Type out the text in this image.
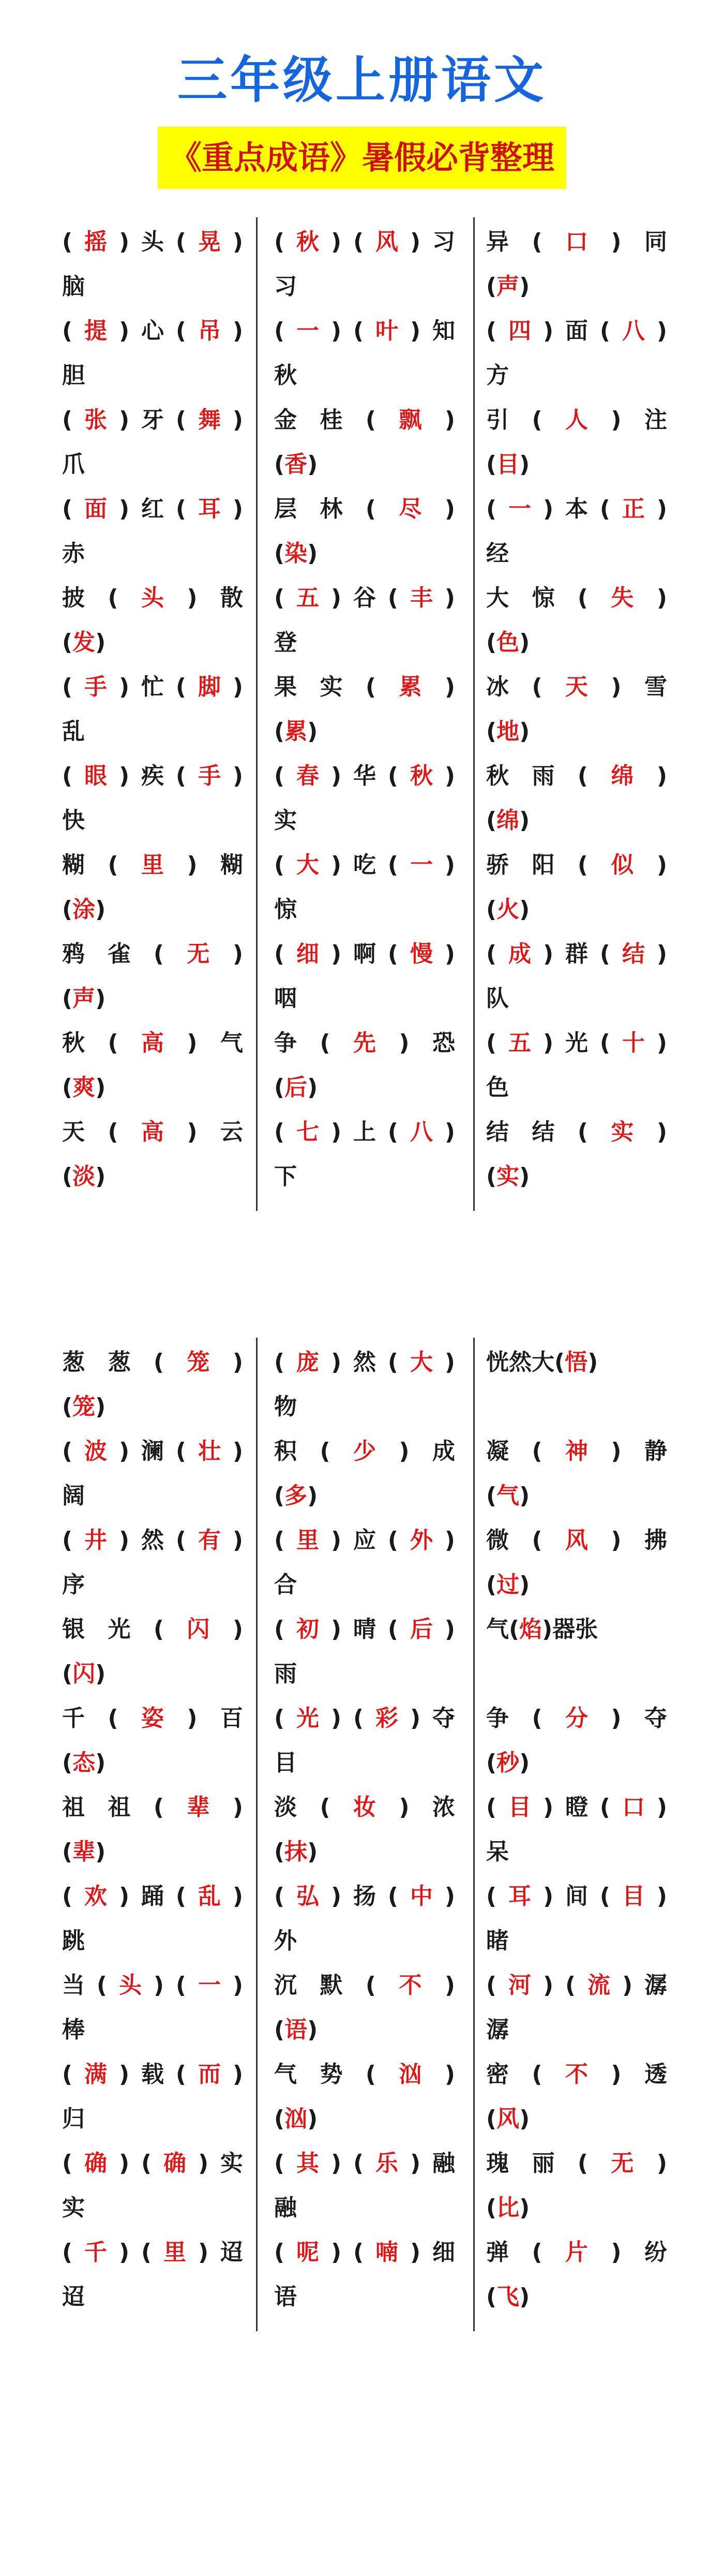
三年级上册语文
《重点成语》暑假必背整理
( 摇 ) 头 ( 晃 )
脑
( 提 ) 心 ( 吊 )
胆
( 张 ) 牙 ( 舞 )
爪
( 面 ) 红 ( 耳 )
赤
披 ( 头 ) 散
(发)
( 手 ) 忙 ( 脚 )
乱
( 眼 ) 疾 ( 手 )
快
糊 ( 里 ) 糊
(涂)
鸦 雀 ( 无 )
(声)
秋 ( 高 ) 气
(爽)
天 ( 高 ) 云
(淡)
( 秋 ) ( 风 ) 习
习
( 一 ) ( 叶 ) 知
秋
金 桂 ( 飘 )
(香)
层 林 ( 尽 )
(染)
( 五 ) 谷 ( 丰 )
登
果 实 ( 累 )
(累)
( 春 ) 华 ( 秋 )
实
( 大 ) 吃 ( 一 )
惊
( 细 ) 啊 ( 慢 )
咽
争 ( 先 ) 恐
(后)
( 七 ) 上 ( 八 )
下
异 ( 口 ) 同
(声)
( 四 ) 面 ( 八 )
方
引 ( 人 ) 注
(目)
( 一 ) 本 ( 正 )
经
大 惊 ( 失 )
(色)
冰 ( 天 ) 雪
(地)
秋 雨 ( 绵 )
(绵)
骄 阳 ( 似 )
(火)
( 成 ) 群 ( 结 )
队
( 五 ) 光 ( 十 )
色
结 结 ( 实 )
(实)
葱 葱 ( 笼 )
(笼)
( 波 ) 澜 ( 壮 )
阔
( 井 ) 然 ( 有 )
序
银 光 ( 闪 )
(闪)
千 ( 姿 ) 百
(态)
祖 祖 ( 辈 )
(辈)
( 欢 ) 踊 ( 乱 )
跳
当 ( 头 ) ( 一 )
棒
( 满 ) 载 ( 而 )
归
( 确 ) ( 确 ) 实
实
( 千 ) ( 里 ) 迢
迢
( 庞 ) 然 ( 大 )
物
积 ( 少 ) 成
(多)
( 里 ) 应 ( 外 )
合
( 初 ) 晴 ( 后 )
雨
( 光 ) ( 彩 ) 夺
目
淡 ( 妆 ) 浓
(抹)
( 弘 ) 扬 ( 中 )
外
沉 默 ( 不 )
(语)
气 势 ( 汹 )
(汹)
( 其 ) ( 乐 ) 融
融
( 呢 ) ( 喃 ) 细
语
恍然大(悟)
凝 ( 神 ) 静
(气)
微 ( 风 ) 拂
(过)
气(焰)器张
争 ( 分 ) 夺
(秒)
( 目 ) 瞪 ( 口 )
呆
( 耳 ) 间 ( 目 )
睹
( 河 ) ( 流 ) 潺
潺
密 ( 不 ) 透
(风)
瑰 丽 ( 无 )
(比)
弹 ( 片 ) 纷
(飞)
